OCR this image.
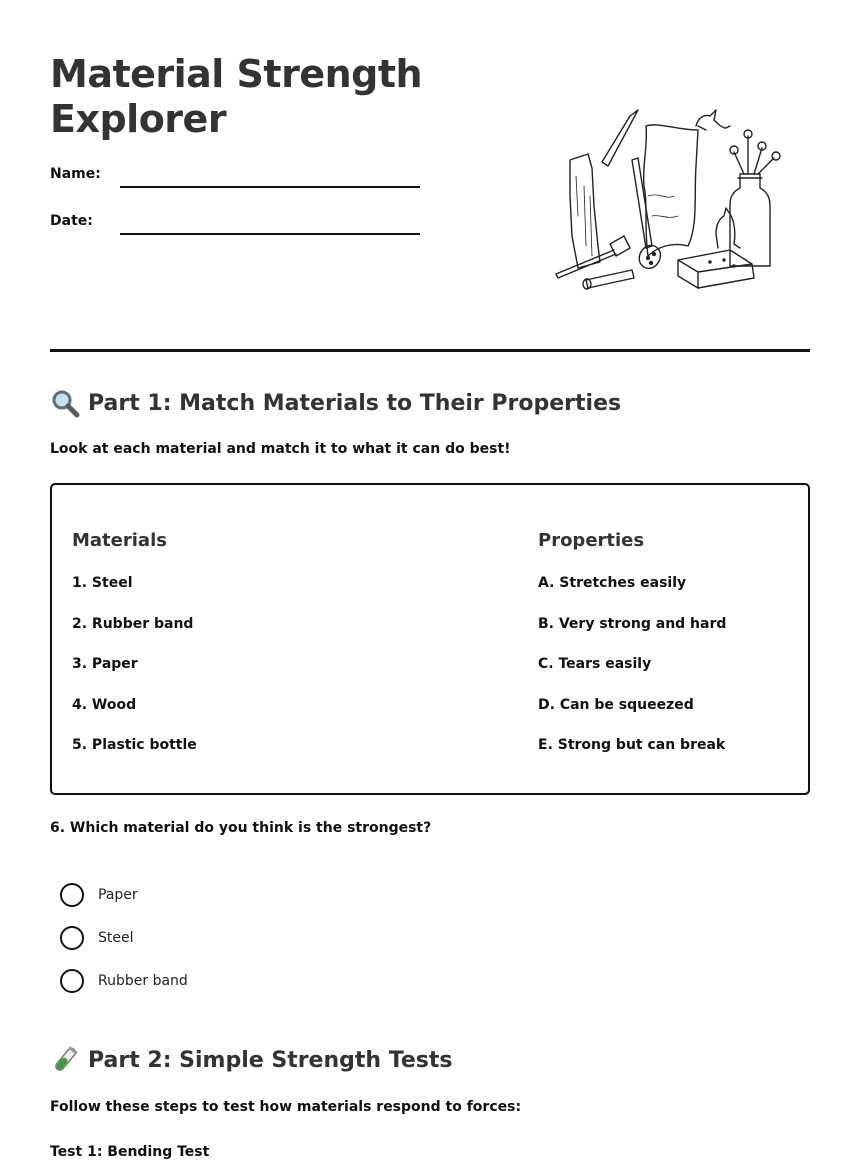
Material Strength Explorer
Name:
Date:
Part 1: Match Materials to Their Properties

Look at each material and match it to what it can do best!

Materials	Properties
1. Steel
2. Rubber band
3. Paper
4. Wood
5. Plastic bottle
A. Stretches easily
B. Very strong and hard
C. Tears easily
D. Can be squeezed
E. Strong but can break

6. Which material do you think is the strongest?

Paper
Steel
Rubber band
Part 2: Simple Strength Tests

Follow these steps to test how materials respond to forces:

Test 1: Bending Test
